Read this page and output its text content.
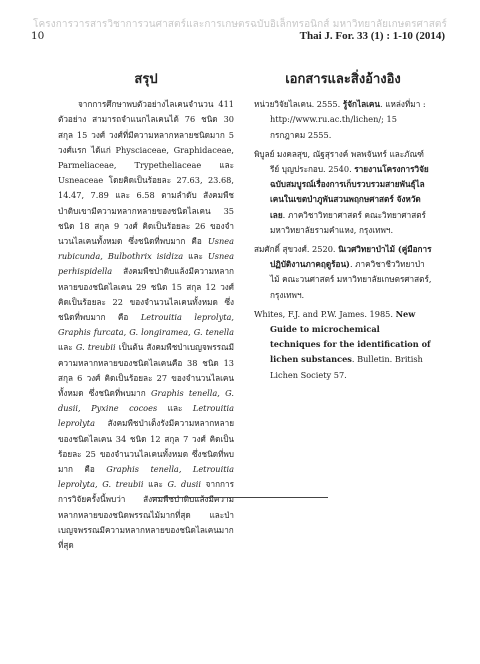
โครงการวารสารวิชาการวนศาสตร์และการเกษตรฉบับอิเล็กทรอนิกส์ มหาวิทยาลัยเกษตรศาสตร์
10	Thai J. For. 33 (1) : 1-10 (2014)
สรุป

จากการศึกษาพบตัวอย่างไลเคนจำนวน 411 ตัวอย่าง สามารถจำแนกไลเคนได้ 76 ชนิด 30 สกุล 15 วงศ์ วงศ์ที่มีความหลากหลายชนิดมาก 5 วงศ์แรก ได้แก่ Physciaceae, Graphidaceae, Parmeliaceae, Trypetheliaceae และ Usneaceae โดยคิดเป็นร้อยละ 27.63, 23.68, 14.47, 7.89 และ 6.58 ตามลำดับ สังคมพืชป่าดิบเขามีความหลากหลายของชนิดไลเคน 35 ชนิด 18 สกุล 9 วงศ์ คิดเป็นร้อยละ 26 ของจำนวนไลเคนทั้งหมด ซึ่งชนิดที่พบมาก คือ Usnea rubicunda, Bulbothrix isidiza และ Usnea perhispidella สังคมพืชป่าดิบแล้งมีความหลากหลายของชนิดไลเคน 29 ชนิด 15 สกุล 12 วงศ์ คิดเป็นร้อยละ 22 ของจำนวนไลเคนทั้งหมด ซึ่งชนิดที่พบมาก คือ Letrouitia leprolyta, Graphis furcata, G. longiramea, G. tenella และ G. treubii เป็นต้น สังคมพืชป่าเบญจพรรณมีความหลากหลายของชนิดไลเคนคือ 38 ชนิด 13 สกุล 6 วงศ์ คิดเป็นร้อยละ 27 ของจำนวนไลเคนทั้งหมด ซึ่งชนิดที่พบมาก Graphis tenella, G. dusii, Pyxine cocoes และ Letrouitia leprolyta สังคมพืชป่าเต็งรังมีความหลากหลายของชนิดไลเคน 34 ชนิด 12 สกุล 7 วงศ์ คิดเป็นร้อยละ 25 ของจำนวนไลเคนทั้งหมด ซึ่งชนิดที่พบมาก คือ Graphis tenella, Letrouitia leprolyta, G. treubii และ G. dusii จากการการวิจัยครั้งนี้พบว่า สังคมพืชป่าดิบแล้งมีความหลากหลายของชนิดพรรณไม้มากที่สุด และป่าเบญจพรรณมีความหลากหลายของชนิดไลเคนมากที่สุด

เอกสารและสิ่งอ้างอิง

หน่วยวิจัยไลเคน. 2555. รู้จักไลเคน. แหล่งที่มา : http://www.ru.ac.th/lichen/; 15 กรกฎาคม 2555.

พิบูลย์ มงคลสุข, ณัฐสุรางค์ พลพจันทร์ และภัณฑ์รีย์ บุญประกอบ. 2540. รายงานโครงการวิจัยฉบับสมบูรณ์เรื่องการเก็บรวบรวมสายพันธุ์ไลเคนในเขตป่าภูพันสวนพฤกษศาสตร์ จังหวัดเลย. ภาควิชาวิทยาศาสตร์ คณะวิทยาศาสตร์ มหาวิทยาลัยรามคำแหง, กรุงเทพฯ.

สมศักดิ์ สุขวงศ์. 2520. นิเวศวิทยาป่าไม้ (คู่มือการปฏิบัติงานภาคฤดูร้อน). ภาควิชาชีววิทยาป่าไม้ คณะวนศาสตร์ มหาวิทยาลัยเกษตรศาสตร์, กรุงเทพฯ.

Whites, F.J. and P.W. James. 1985. New Guide to microchemical techniques for the identification of lichen substances. Bulletin. British Lichen Society 57.
